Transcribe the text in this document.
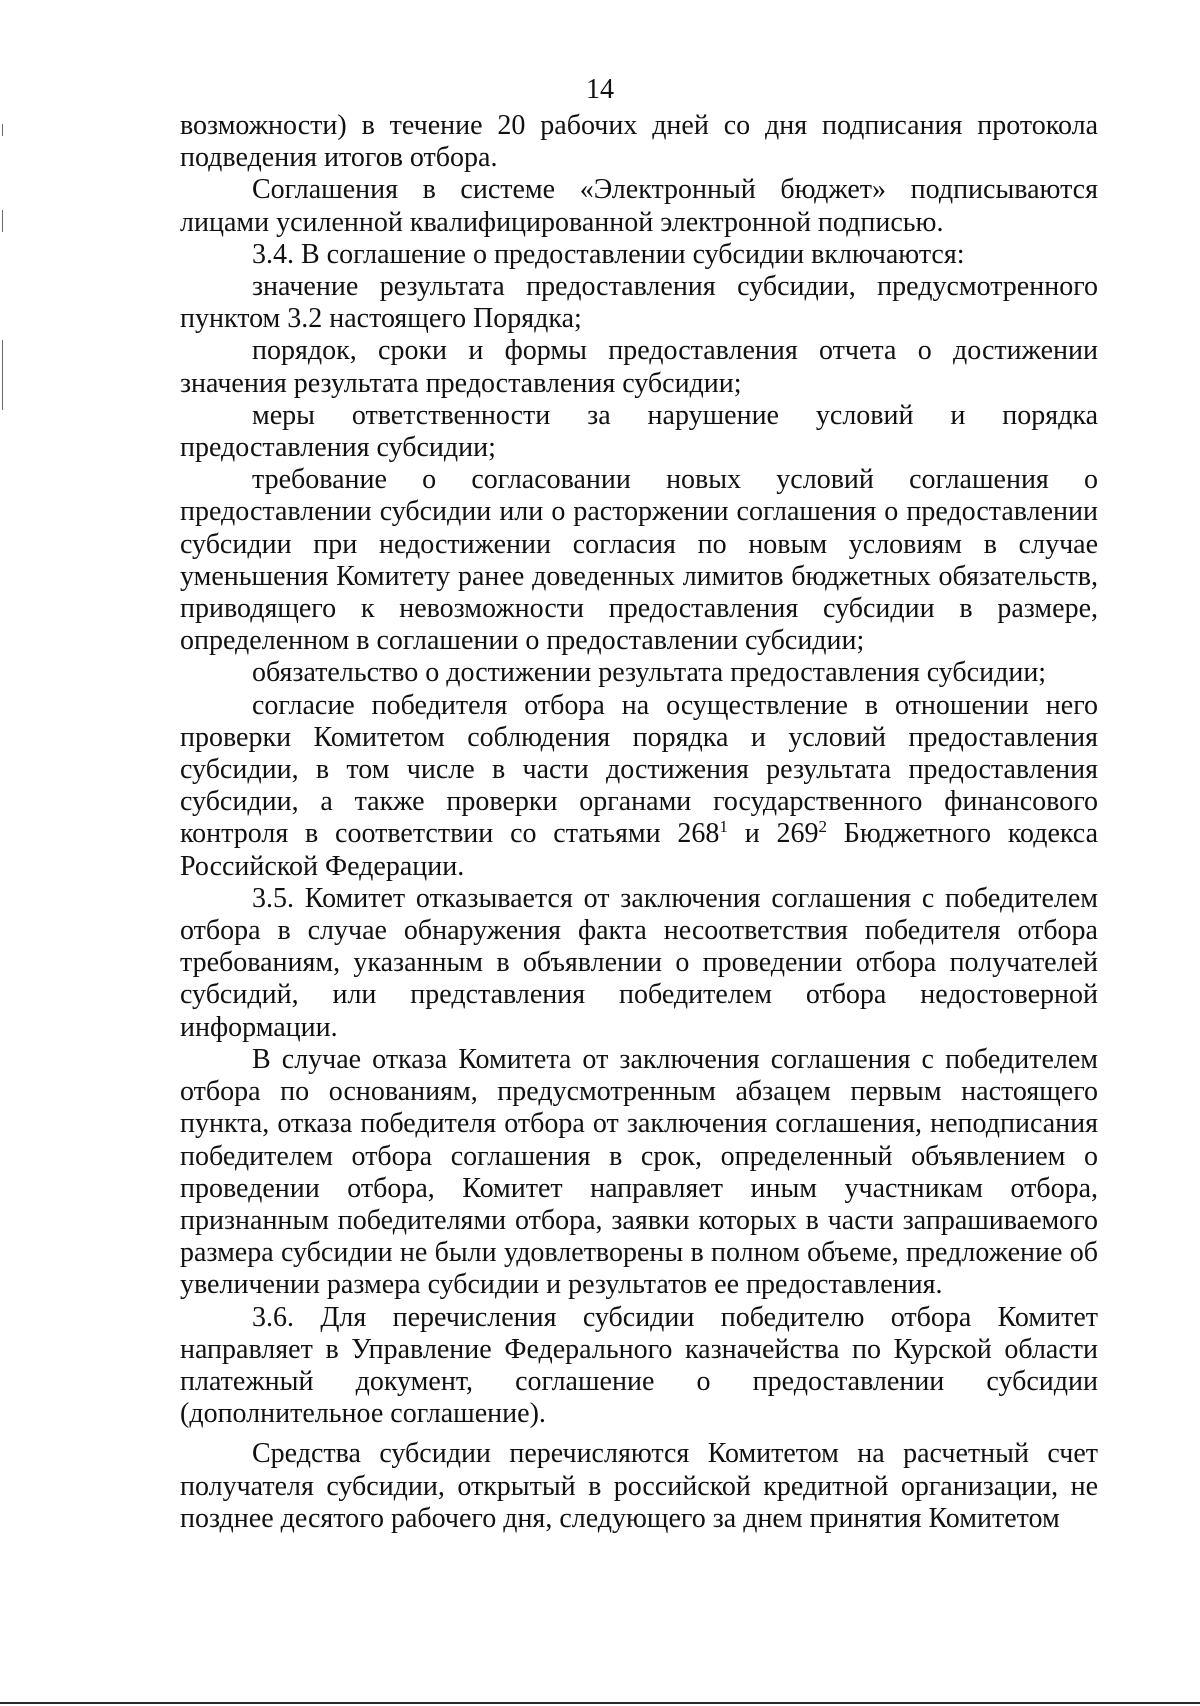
14

возможности) в течение 20 рабочих дней со дня подписания протокола подведения итогов отбора.

Соглашения в системе «Электронный бюджет» подписываются лицами усиленной квалифицированной электронной подписью.

3.4. В соглашение о предоставлении субсидии включаются:

значение результата предоставления субсидии, предусмотренного пунктом 3.2 настоящего Порядка;

порядок, сроки и формы предоставления отчета о достижении значения результата предоставления субсидии;

меры ответственности за нарушение условий и порядка предоставления субсидии;

требование о согласовании новых условий соглашения о предоставлении субсидии или о расторжении соглашения о предоставлении субсидии при недостижении согласия по новым условиям в случае уменьшения Комитету ранее доведенных лимитов бюджетных обязательств, приводящего к невозможности предоставления субсидии в размере, определенном в соглашении о предоставлении субсидии;

обязательство о достижении результата предоставления субсидии;

согласие победителя отбора на осуществление в отношении него проверки Комитетом соблюдения порядка и условий предоставления субсидии, в том числе в части достижения результата предоставления субсидии, а также проверки органами государственного финансового контроля в соответствии со статьями $268^1$ и $269^2$ Бюджетного кодекса Российской Федерации.

3.5. Комитет отказывается от заключения соглашения с победителем отбора в случае обнаружения факта несоответствия победителя отбора требованиям, указанным в объявлении о проведении отбора получателей субсидий, или представления победителем отбора недостоверной информации.

В случае отказа Комитета от заключения соглашения с победителем отбора по основаниям, предусмотренным абзацем первым настоящего пункта, отказа победителя отбора от заключения соглашения, неподписания победителем отбора соглашения в срок, определенный объявлением о проведении отбора, Комитет направляет иным участникам отбора, признанным победителями отбора, заявки которых в части запрашиваемого размера субсидии не были удовлетворены в полном объеме, предложение об увеличении размера субсидии и результатов ее предоставления.

3.6. Для перечисления субсидии победителю отбора Комитет направляет в Управление Федерального казначейства по Курской области платежный документ, соглашение о предоставлении субсидии (дополнительное соглашение).

Средства субсидии перечисляются Комитетом на расчетный счет получателя субсидии, открытый в российской кредитной организации, не позднее десятого рабочего дня, следующего за днем принятия Комитетом
